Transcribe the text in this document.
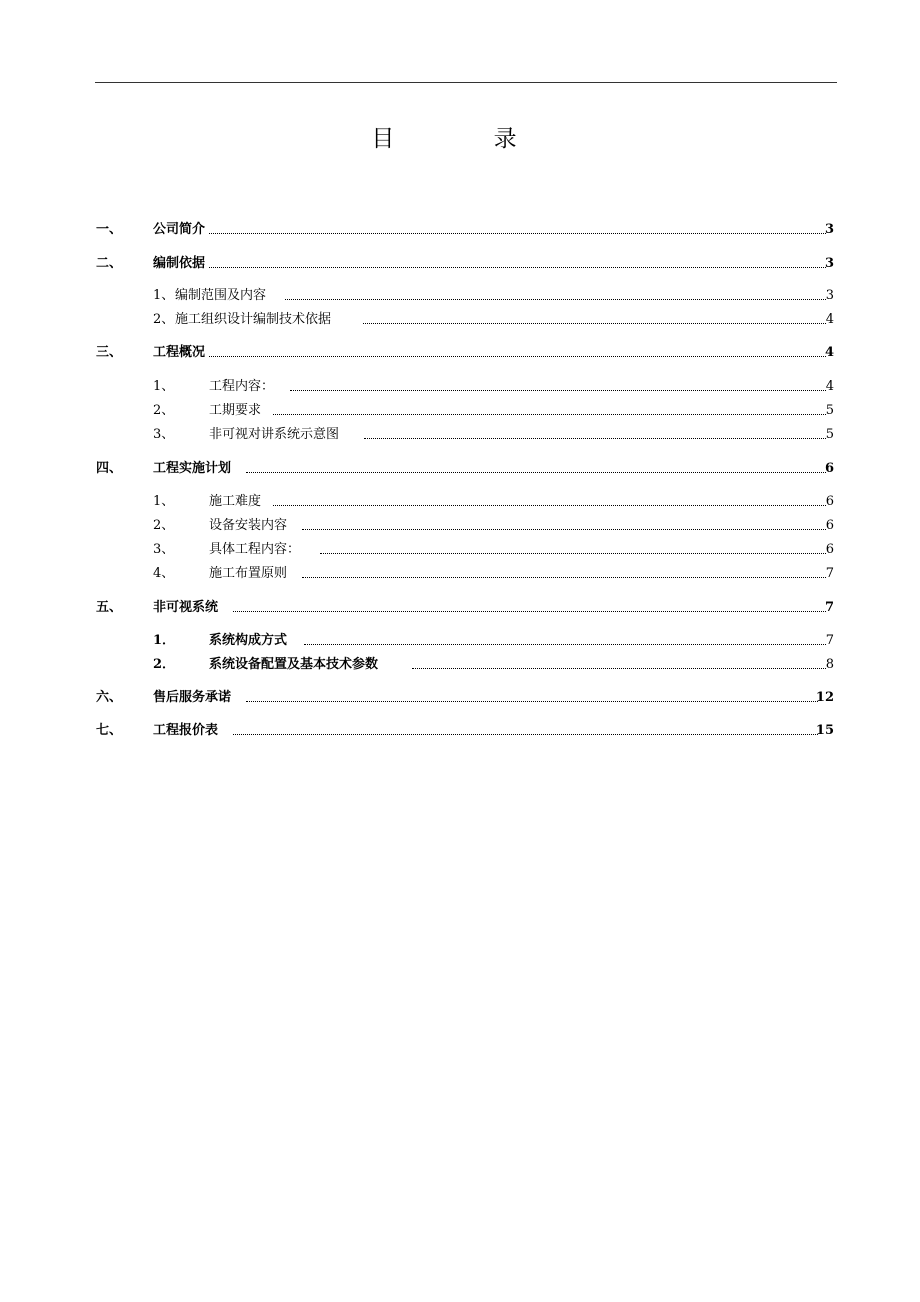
目 录
一、 公司简介	3
二、 编制依据	3
1、 编制范围及内容	3
2、 施工组织设计编制技术依据	4
三、 工程概况	4
1、	工程内容：	4
2、	工期要求	5
3、	非可视对讲系统示意图	5
四、 工程实施计划	6
1、	施工难度	6
2、	设备安装内容	6
3、	具体工程内容：	6
4、	施工布置原则	7
五、 非可视系统	7
1．	系统构成方式	7
2．	系统设备配置及基本技术参数	8
六、 售后服务承诺	12
七、 工程报价表	15
